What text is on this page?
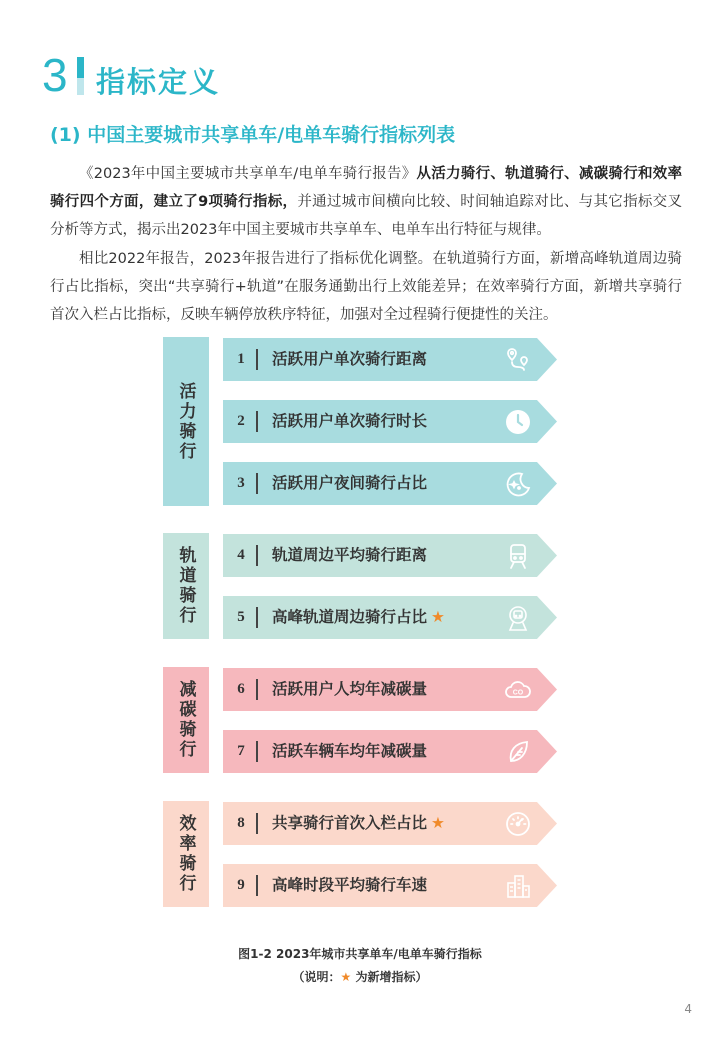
3 指标定义
(1) 中国主要城市共享单车/电单车骑行指标列表

《2023年中国主要城市共享单车/电单车骑行报告》从活力骑行、轨道骑行、减碳骑行和效率骑行四个方面，建立了9项骑行指标，并通过城市间横向比较、时间轴追踪对比、与其它指标交叉分析等方式，揭示出2023年中国主要城市共享单车、电单车出行特征与规律。

相比2022年报告，2023年报告进行了指标优化调整。在轨道骑行方面，新增高峰轨道周边骑行占比指标，突出“共享骑行+轨道”在服务通勤出行上效能差异；在效率骑行方面，新增共享骑行首次入栏占比指标，反映车辆停放秩序特征，加强对全过程骑行便捷性的关注。

活力骑行
轨道骑行
减碳骑行
效率骑行
1 活跃用户单次骑行距离
2 活跃用户单次骑行时长
3 活跃用户夜间骑行占比
4 轨道周边平均骑行距离
5 高峰轨道周边骑行占比 ★
6 活跃用户人均年减碳量	CO
7 活跃车辆车均年减碳量
8 共享骑行首次入栏占比 ★
9 高峰时段平均骑行车速
图1-2 2023年城市共享单车/电单车骑行指标
（说明：★ 为新增指标）
4
